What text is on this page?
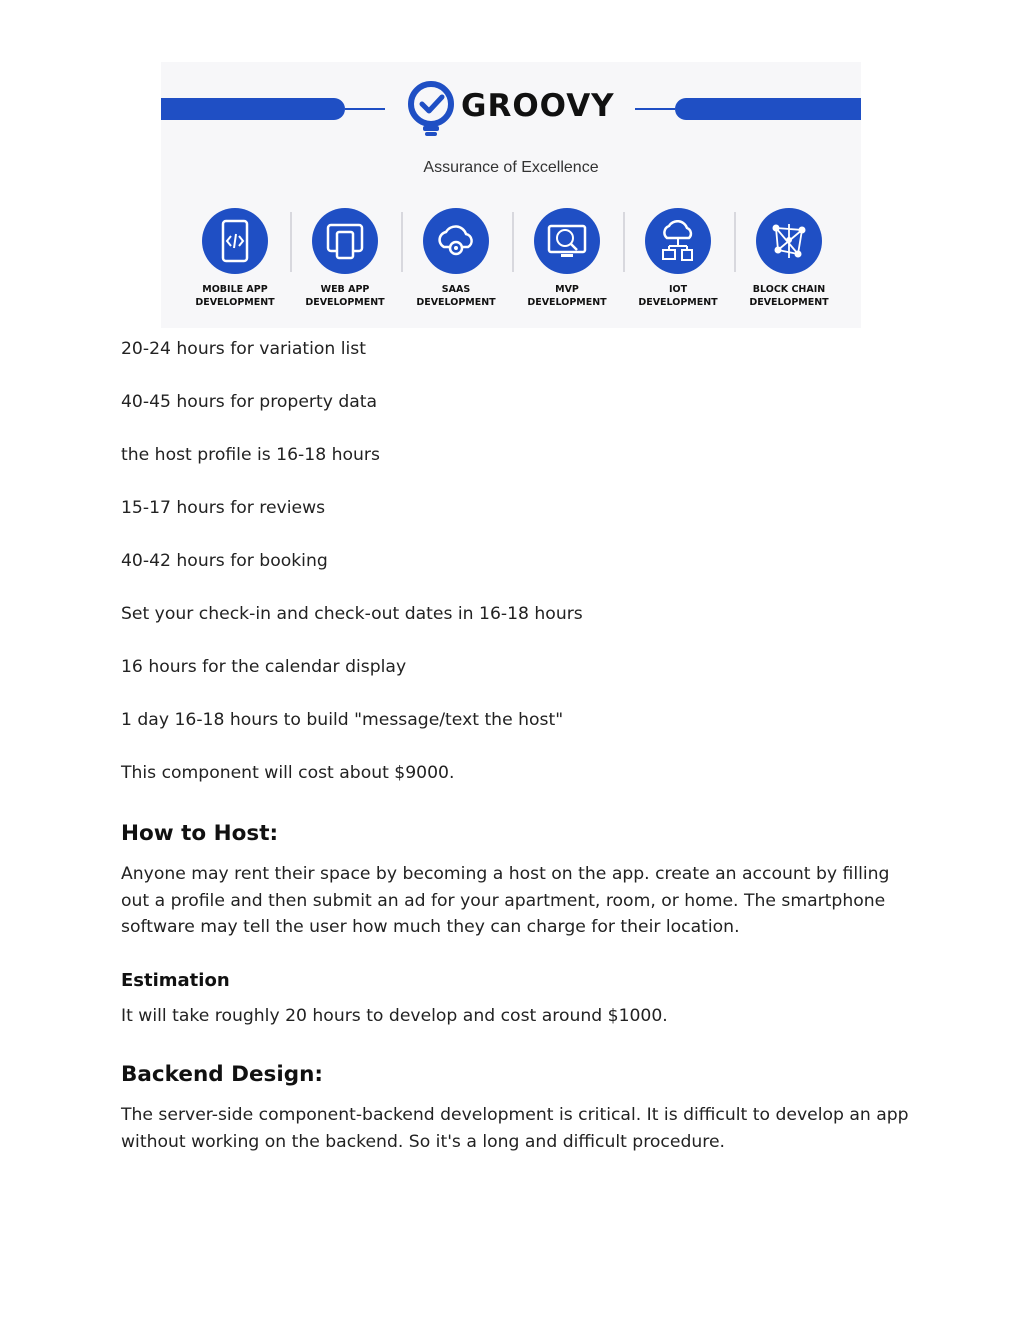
GROOVY
Assurance of Excellence
MOBILE APP
DEVELOPMENT
WEB APP
DEVELOPMENT
SAAS
DEVELOPMENT
MVP
DEVELOPMENT
IOT
DEVELOPMENT
BLOCK CHAIN
DEVELOPMENT
20-24 hours for variation list
40-45 hours for property data
the host profile is 16-18 hours
15-17 hours for reviews
40-42 hours for booking
Set your check-in and check-out dates in 16-18 hours
16 hours for the calendar display
1 day 16-18 hours to build "message/text the host"
This component will cost about $9000.
How to Host:
Anyone may rent their space by becoming a host on the app. create an account by filling out a profile and then submit an ad for your apartment, room, or home. The smartphone software may tell the user how much they can charge for their location.
Estimation
It will take roughly 20 hours to develop and cost around $1000.
Backend Design:
The server-side component-backend development is critical. It is difficult to develop an app without working on the backend. So it's a long and difficult procedure.
